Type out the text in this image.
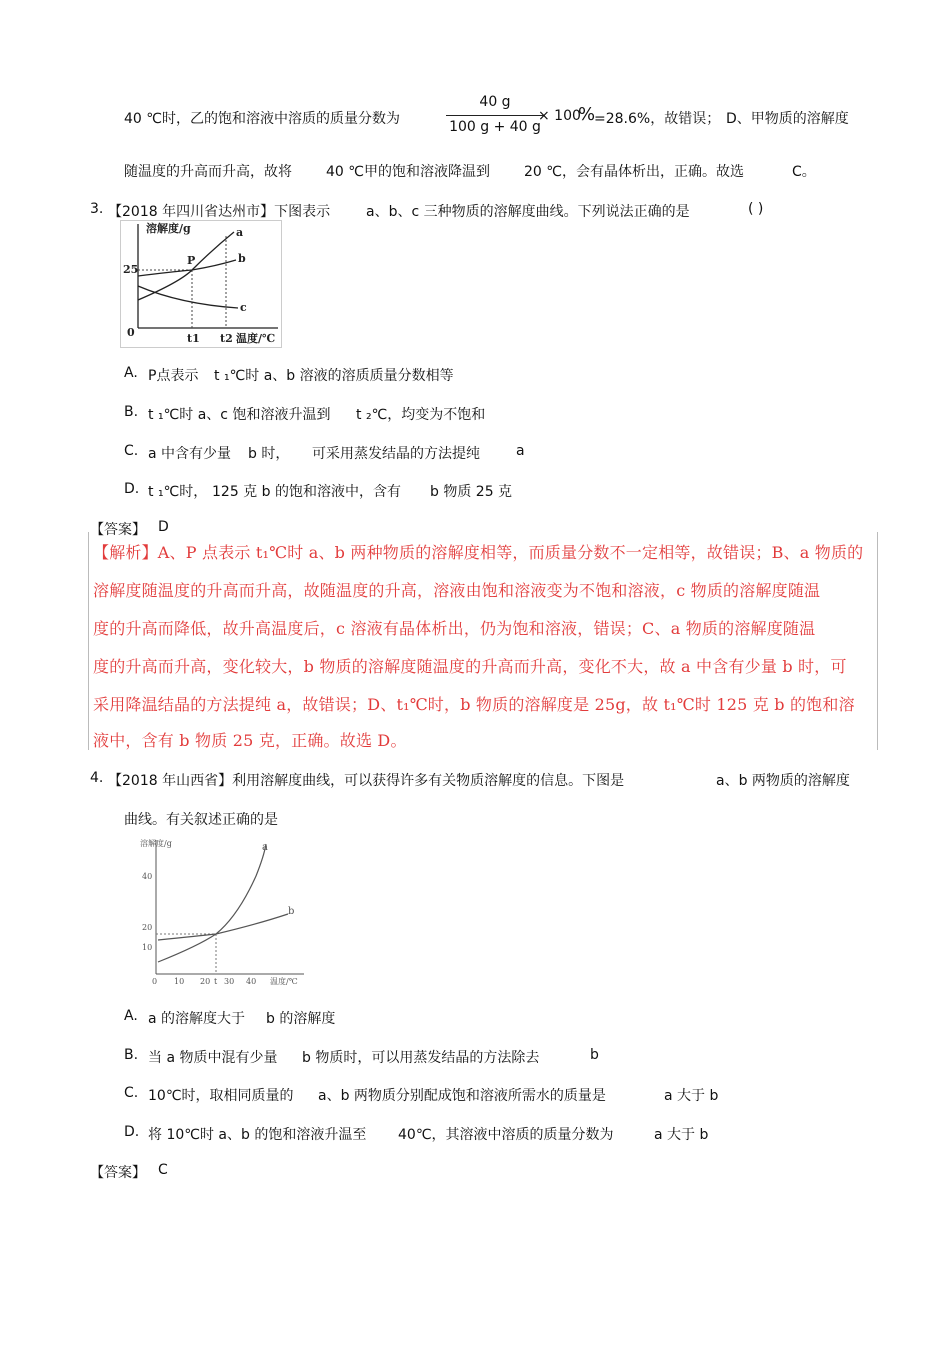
40 ℃时，乙的饱和溶液中溶质的质量分数为
40 g
100 g + 40 g
× 100
%
=28.6%，故错误； D、甲物质的溶解度
随温度的升高而升高，故将 40 ℃甲的饱和溶液降温到 20 ℃，会有晶体析出，正确。故选	C。
3. 【2018 年四川省达州市】下图表示	a、b、c 三种物质的溶解度曲线。下列说法正确的是	( )
溶解度/g
25
0
a
b
c
P
t1 t2 温度/℃
A. P点表示 t ₁℃时 a、b 溶液的溶质质量分数相等
B. t ₁℃时 a、c 饱和溶液升温到 t ₂℃，均变为不饱和
C. a 中含有少量 b 时， 可采用蒸发结晶的方法提纯	a
D. t ₁℃时， 125 克 b 的饱和溶液中，含有 b 物质 25 克
【答案】 D
【解析】A、P 点表示 t₁℃时 a、b 两种物质的溶解度相等，而质量分数不一定相等，故错误；B、a 物质的
溶解度随温度的升高而升高，故随温度的升高，溶液由饱和溶液变为不饱和溶液，c 物质的溶解度随温
度的升高而降低，故升高温度后，c 溶液有晶体析出，仍为饱和溶液，错误；C、a 物质的溶解度随温
度的升高而升高，变化较大，b 物质的溶解度随温度的升高而升高，变化不大，故 a 中含有少量 b 时，可
采用降温结晶的方法提纯 a，故错误；D、t₁℃时，b 物质的溶解度是 25g，故 t₁℃时 125 克 b 的饱和溶
液中，含有 b 物质 25 克，正确。故选 D。
4. 【2018 年山西省】利用溶解度曲线，可以获得许多有关物质溶解度的信息。下图是	a、b 两物质的溶解度
曲线。有关叙述正确的是
溶解度/g
40
20
10
a
b
0 10 20 t 30 40 温度/℃
A. a 的溶解度大于 b 的溶解度
B. 当 a 物质中混有少量 b 物质时，可以用蒸发结晶的方法除去	b
C. 10℃时，取相同质量的 a、b 两物质分别配成饱和溶液所需水的质量是	a 大于 b
D. 将 10℃时 a、b 的饱和溶液升温至 40℃，其溶液中溶质的质量分数为	a 大于 b
【答案】 C
